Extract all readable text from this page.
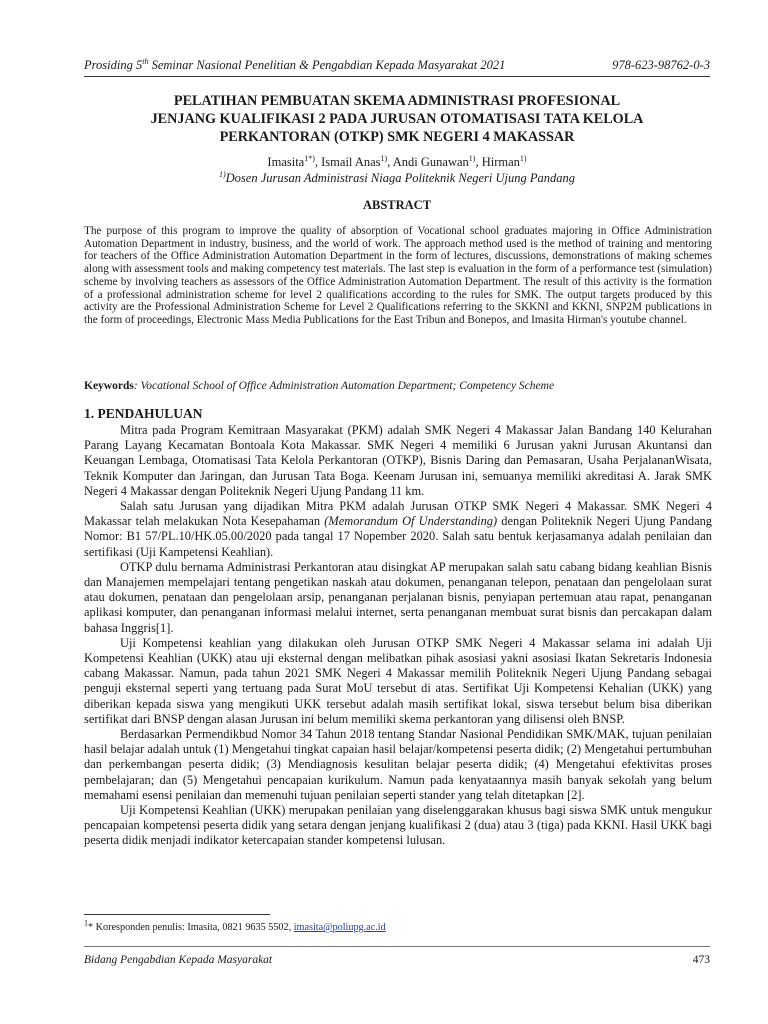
Prosiding 5th Seminar Nasional Penelitian & Pengabdian Kepada Masyarakat 2021	978-623-98762-0-3
PELATIHAN PEMBUATAN SKEMA ADMINISTRASI PROFESIONAL
JENJANG KUALIFIKASI 2 PADA JURUSAN OTOMATISASI TATA KELOLA
PERKANTORAN (OTKP) SMK NEGERI 4 MAKASSAR
Imasita$^{1*)}$, Ismail Anas$^{1)}$, Andi Gunawan$^{1)}$, Hirman$^{1)}$
$^{1)}$Dosen Jurusan Administrasi Niaga Politeknik Negeri Ujung Pandang
ABSTRACT
The purpose of this program to improve the quality of absorption of Vocational school graduates majoring in Office Administration Automation Department in industry, business, and the world of work. The approach method used is the method of training and mentoring for teachers of the Office Administration Automation Department in the form of lectures, discussions, demonstrations of making schemes along with assessment tools and making competency test materials. The last step is evaluation in the form of a performance test (simulation) scheme by involving teachers as assessors of the Office Administration Automation Department. The result of this activity is the formation of a professional administration scheme for level 2 qualifications according to the rules for SMK. The output targets produced by this activity are the Professional Administration Scheme for Level 2 Qualifications referring to the SKKNI and KKNI, SNP2M publications in the form of proceedings, Electronic Mass Media Publications for the East Tribun and Bonepos, and Imasita Hirman's youtube channel.
Keywords: Vocational School of Office Administration Automation Department; Competency Scheme
1. PENDAHULUAN

Mitra pada Program Kemitraan Masyarakat (PKM) adalah SMK Negeri 4 Makassar Jalan Bandang 140 Kelurahan Parang Layang Kecamatan Bontoala Kota Makassar. SMK Negeri 4 memiliki 6 Jurusan yakni Jurusan Akuntansi dan Keuangan Lembaga, Otomatisasi Tata Kelola Perkantoran (OTKP), Bisnis Daring dan Pemasaran, Usaha PerjalananWisata, Teknik Komputer dan Jaringan, dan Jurusan Tata Boga. Keenam Jurusan ini, semuanya memiliki akreditasi A. Jarak SMK Negeri 4 Makassar dengan Politeknik Negeri Ujung Pandang 11 km.

Salah satu Jurusan yang dijadikan Mitra PKM adalah Jurusan OTKP SMK Negeri 4 Makassar. SMK Negeri 4 Makassar telah melakukan Nota Kesepahaman (Memorandum Of Understanding) dengan Politeknik Negeri Ujung Pandang Nomor: B1 57/PL.10/HK.05.00/2020 pada tangal 17 Nopember 2020. Salah satu bentuk kerjasamanya adalah penilaian dan sertifikasi (Uji Kampetensi Keahlian).

OTKP dulu bernama Administrasi Perkantoran atau disingkat AP merupakan salah satu cabang bidang keahlian Bisnis dan Manajemen mempelajari tentang pengetikan naskah atau dokumen, penanganan telepon, penataan dan pengelolaan surat atau dokumen, penataan dan pengelolaan arsip, penanganan perjalanan bisnis, penyiapan pertemuan atau rapat, penanganan aplikasi komputer, dan penanganan informasi melalui internet, serta penanganan membuat surat bisnis dan percakapan dalam bahasa Inggris[1].

Uji Kompetensi keahlian yang dilakukan oleh Jurusan OTKP SMK Negeri 4 Makassar selama ini adalah Uji Kompetensi Keahlian (UKK) atau uji eksternal dengan melibatkan pihak asosiasi yakni asosiasi Ikatan Sekretaris Indonesia cabang Makassar. Namun, pada tahun 2021 SMK Negeri 4 Makassar memilih Politeknik Negeri Ujung Pandang sebagai penguji eksternal seperti yang tertuang pada Surat MoU tersebut di atas. Sertifikat Uji Kompetensi Kehalian (UKK) yang diberikan kepada siswa yang mengikuti UKK tersebut adalah masih sertifikat lokal, siswa tersebut belum bisa diberikan sertifikat dari BNSP dengan alasan Jurusan ini belum memiliki skema perkantoran yang dilisensi oleh BNSP.

Berdasarkan Permendikbud Nomor 34 Tahun 2018 tentang Standar Nasional Pendidikan SMK/MAK, tujuan penilaian hasil belajar adalah untuk (1) Mengetahui tingkat capaian hasil belajar/kompetensi peserta didik; (2) Mengetahui pertumbuhan dan perkembangan peserta didik; (3) Mendiagnosis kesulitan belajar peserta didik; (4) Mengetahui efektivitas proses pembelajaran; dan (5) Mengetahui pencapaian kurikulum. Namun pada kenyataannya masih banyak sekolah yang belum memahami esensi penilaian dan memenuhi tujuan penilaian seperti stander yang telah ditetapkan [2].

Uji Kompetensi Keahlian (UKK) merupakan penilaian yang diselenggarakan khusus bagi siswa SMK untuk mengukur pencapaian kompetensi peserta didik yang setara dengan jenjang kualifikasi 2 (dua) atau 3 (tiga) pada KKNI. Hasil UKK bagi peserta didik menjadi indikator ketercapaian stander kompetensi lulusan.

$^1$* Koresponden penulis: Imasita, 0821 9635 5502, imasita@poliupg.ac.id
Bidang Pengabdian Kepada Masyarakat	473
